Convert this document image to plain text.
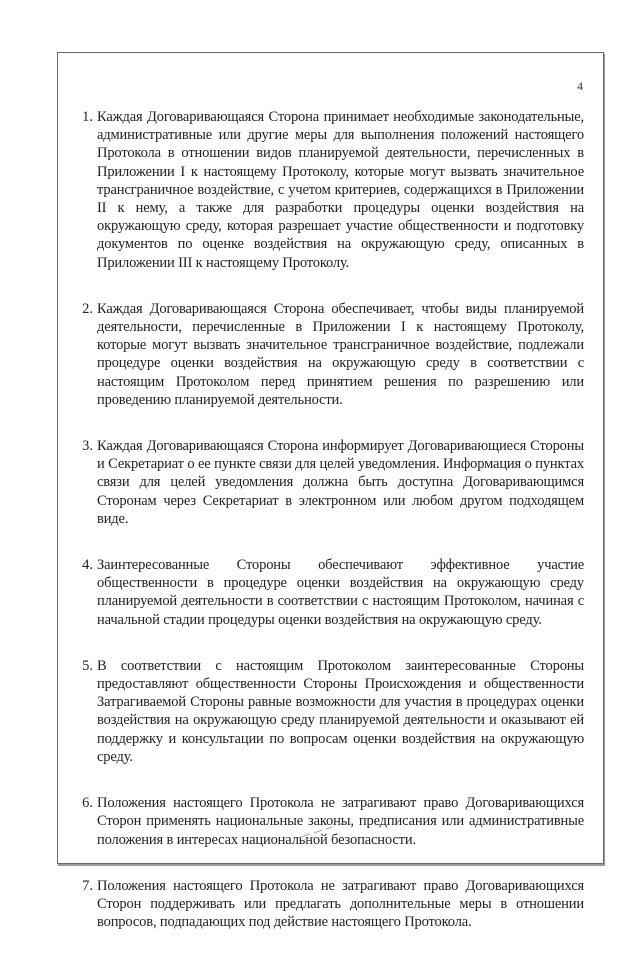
4
1. Каждая Договаривающаяся Сторона принимает необходимые законодательные, административные или другие меры для выполнения положений настоящего Протокола в отношении видов планируемой деятельности, перечисленных в Приложении I к настоящему Протоколу, которые могут вызвать значительное трансграничное воздействие, с учетом критериев, содержащихся в Приложении II к нему, а также для разработки процедуры оценки воздействия на окружающую среду, которая разрешает участие общественности и подготовку документов по оценке воздействия на окружающую среду, описанных в Приложении III к настоящему Протоколу.
2. Каждая Договаривающаяся Сторона обеспечивает, чтобы виды планируемой деятельности, перечисленные в Приложении I к настоящему Протоколу, которые могут вызвать значительное трансграничное воздействие, подлежали процедуре оценки воздействия на окружающую среду в соответствии с настоящим Протоколом перед принятием решения по разрешению или проведению планируемой деятельности.
3. Каждая Договаривающаяся Сторона информирует Договаривающиеся Стороны и Секретариат о ее пункте связи для целей уведомления. Информация о пунктах связи для целей уведомления должна быть доступна Договаривающимся Сторонам через Секретариат в электронном или любом другом подходящем виде.
4. Заинтересованные Стороны обеспечивают эффективное участие общественности в процедуре оценки воздействия на окружающую среду планируемой деятельности в соответствии с настоящим Протоколом, начиная с начальной стадии процедуры оценки воздействия на окружающую среду.
5. В соответствии с настоящим Протоколом заинтересованные Стороны предоставляют общественности Стороны Происхождения и общественности Затрагиваемой Стороны равные возможности для участия в процедурах оценки воздействия на окружающую среду планируемой деятельности и оказывают ей поддержку и консультации по вопросам оценки воздействия на окружающую среду.
6. Положения настоящего Протокола не затрагивают право Договаривающихся Сторон применять национальные законы, предписания или административные положения в интересах национальной безопасности.
7. Положения настоящего Протокола не затрагивают право Договаривающихся Сторон поддерживать или предлагать дополнительные меры в отношении вопросов, подпадающих под действие настоящего Протокола.
